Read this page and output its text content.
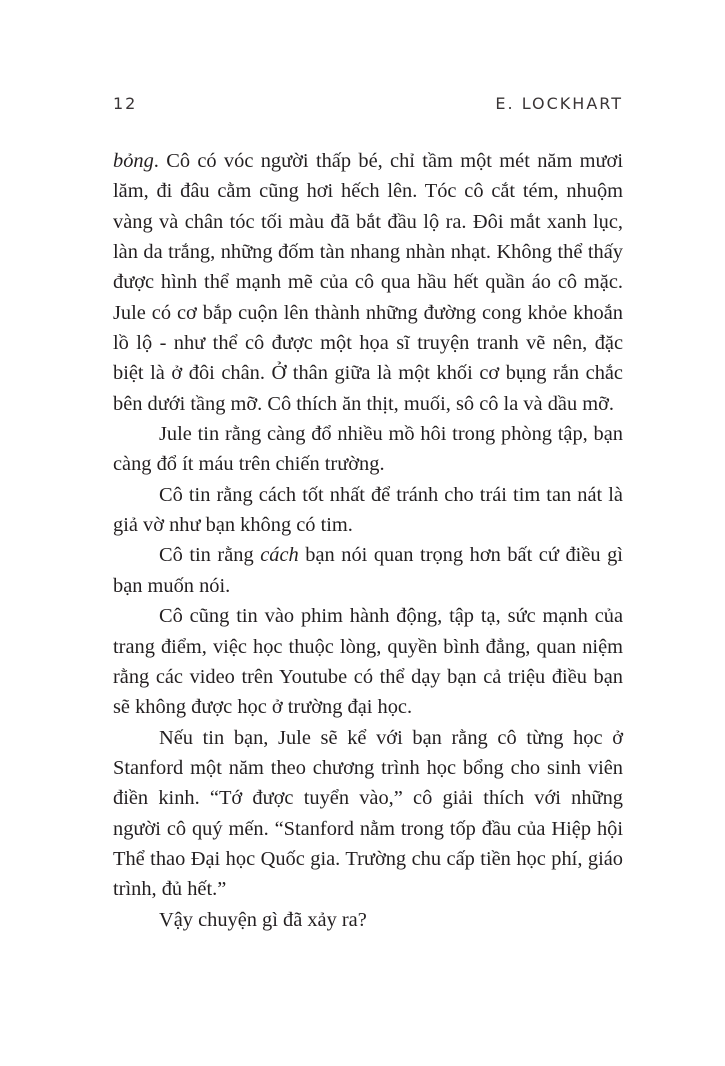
12	E. LOCKHART

bỏng. Cô có vóc người thấp bé, chỉ tầm một mét năm mươi lăm, đi đâu cằm cũng hơi hếch lên. Tóc cô cắt tém, nhuộm vàng và chân tóc tối màu đã bắt đầu lộ ra. Đôi mắt xanh lục, làn da trắng, những đốm tàn nhang nhàn nhạt. Không thể thấy được hình thể mạnh mẽ của cô qua hầu hết quần áo cô mặc. Jule có cơ bắp cuộn lên thành những đường cong khỏe khoắn lồ lộ - như thể cô được một họa sĩ truyện tranh vẽ nên, đặc biệt là ở đôi chân. Ở thân giữa là một khối cơ bụng rắn chắc bên dưới tầng mỡ. Cô thích ăn thịt, muối, sô cô la và dầu mỡ.

Jule tin rằng càng đổ nhiều mồ hôi trong phòng tập, bạn càng đổ ít máu trên chiến trường.

Cô tin rằng cách tốt nhất để tránh cho trái tim tan nát là giả vờ như bạn không có tim.

Cô tin rằng cách bạn nói quan trọng hơn bất cứ điều gì bạn muốn nói.

Cô cũng tin vào phim hành động, tập tạ, sức mạnh của trang điểm, việc học thuộc lòng, quyền bình đẳng, quan niệm rằng các video trên Youtube có thể dạy bạn cả triệu điều bạn sẽ không được học ở trường đại học.

Nếu tin bạn, Jule sẽ kể với bạn rằng cô từng học ở Stanford một năm theo chương trình học bổng cho sinh viên điền kinh. “Tớ được tuyển vào,” cô giải thích với những người cô quý mến. “Stanford nằm trong tốp đầu của Hiệp hội Thể thao Đại học Quốc gia. Trường chu cấp tiền học phí, giáo trình, đủ hết.”

Vậy chuyện gì đã xảy ra?
